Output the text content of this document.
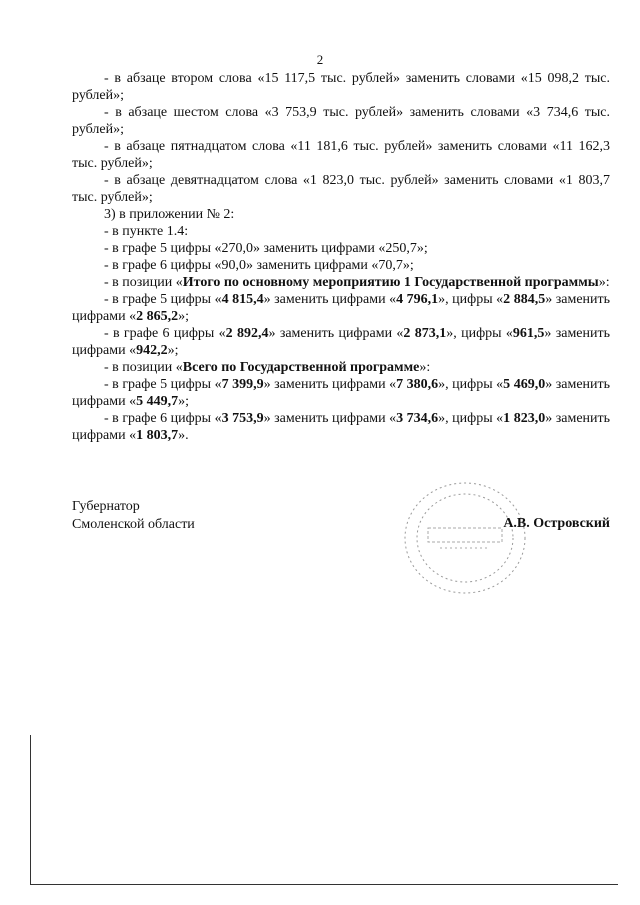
2

- в абзаце втором слова «15 117,5 тыс. рублей» заменить словами «15 098,2 тыс. рублей»;

- в абзаце шестом слова «3 753,9 тыс. рублей» заменить словами «3 734,6 тыс. рублей»;

- в абзаце пятнадцатом слова «11 181,6 тыс. рублей» заменить словами «11 162,3 тыс. рублей»;

- в абзаце девятнадцатом слова «1 823,0 тыс. рублей» заменить словами «1 803,7 тыс. рублей»;

3) в приложении № 2:

- в пункте 1.4:

- в графе 5 цифры «270,0» заменить цифрами «250,7»;

- в графе 6 цифры «90,0» заменить цифрами «70,7»;

- в позиции «Итого по основному мероприятию 1 Государственной программы»:

- в графе 5 цифры «4 815,4» заменить цифрами «4 796,1», цифры «2 884,5» заменить цифрами «2 865,2»;

- в графе 6 цифры «2 892,4» заменить цифрами «2 873,1», цифры «961,5» заменить цифрами «942,2»;

- в позиции «Всего по Государственной программе»:

- в графе 5 цифры «7 399,9» заменить цифрами «7 380,6», цифры «5 469,0» заменить цифрами «5 449,7»;

- в графе 6 цифры «3 753,9» заменить цифрами «3 734,6», цифры «1 823,0» заменить цифрами «1 803,7».

Губернатор
Смоленской области	А.В. Островский
